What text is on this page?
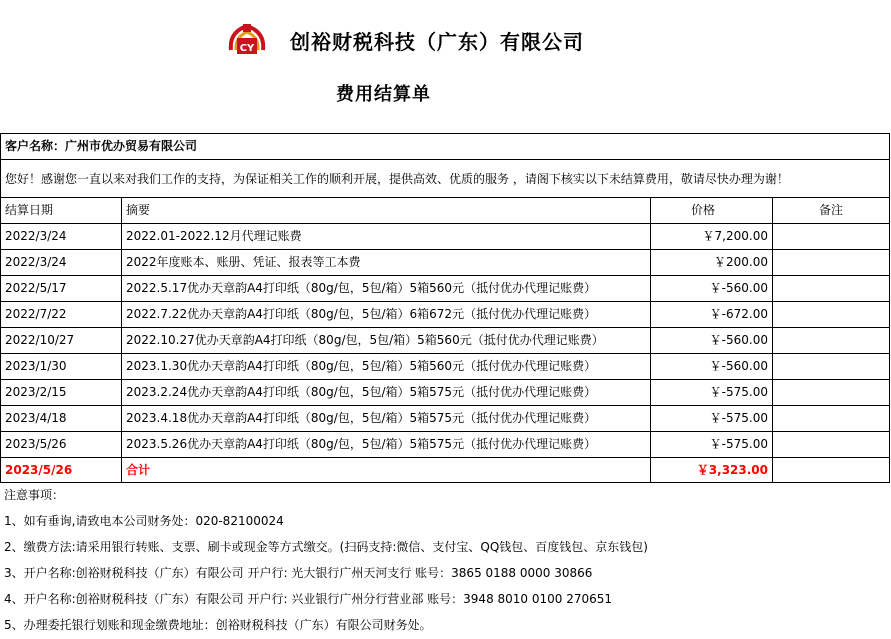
CY 创裕财税科技（广东）有限公司
费用结算单
客户名称：广州市优办贸易有限公司
您好！感谢您一直以来对我们工作的支持，为保证相关工作的顺利开展，提供高效、优质的服务 ，请阁下核实以下未结算费用，敬请尽快办理为谢！
结算日期	摘要	价格	备注
2022/3/24	2022.01-2022.12月代理记账费	￥7,200.00
2022/3/24	2022年度账本、账册、凭证、报表等工本费	￥200.00
2022/5/17	2022.5.17优办天章韵A4打印纸（80g/包，5包/箱）5箱560元（抵付优办代理记账费）	￥-560.00
2022/7/22	2022.7.22优办天章韵A4打印纸（80g/包，5包/箱）6箱672元（抵付优办代理记账费）	￥-672.00
2022/10/27	2022.10.27优办天章韵A4打印纸（80g/包，5包/箱）5箱560元（抵付优办代理记账费）	￥-560.00
2023/1/30	2023.1.30优办天章韵A4打印纸（80g/包，5包/箱）5箱560元（抵付优办代理记账费）	￥-560.00
2023/2/15	2023.2.24优办天章韵A4打印纸（80g/包，5包/箱）5箱575元（抵付优办代理记账费）	￥-575.00
2023/4/18	2023.4.18优办天章韵A4打印纸（80g/包，5包/箱）5箱575元（抵付优办代理记账费）	￥-575.00
2023/5/26	2023.5.26优办天章韵A4打印纸（80g/包，5包/箱）5箱575元（抵付优办代理记账费）	￥-575.00
2023/5/26	合计	￥3,323.00
注意事项：
1、如有垂询,请致电本公司财务处：020-82100024
2、缴费方法:请采用银行转账、支票、刷卡或现金等方式缴交。(扫码支持:微信、支付宝、QQ钱包、百度钱包、京东钱包)
3、开户名称:创裕财税科技（广东）有限公司 开户行: 光大银行广州天河支行 账号：3865 0188 0000 30866
4、开户名称:创裕财税科技（广东）有限公司 开户行: 兴业银行广州分行营业部 账号：3948 8010 0100 270651
5、办理委托银行划账和现金缴费地址：创裕财税科技（广东）有限公司财务处。
